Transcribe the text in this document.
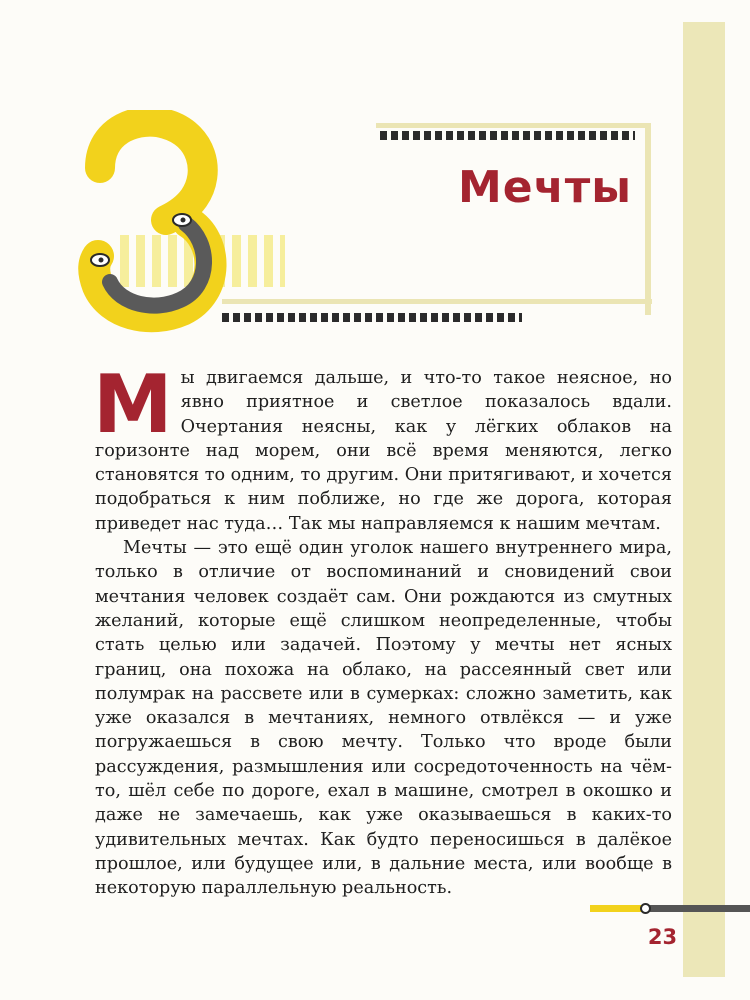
Мечты

Мы двигаемся дальше, и что-то такое неясное, но явно приятное и светлое показалось вдали. Очертания неясны, как у лёгких облаков на горизонте над морем, они всё время меняются, легко становятся то одним, то другим. Они притягивают, и хочется подобраться к ним поближе, но где же дорога, которая приведет нас туда… Так мы направляемся к нашим мечтам.

Мечты — это ещё один уголок нашего внутреннего мира, только в отличие от воспоминаний и сновидений свои мечтания человек создаёт сам. Они рождаются из смутных желаний, которые ещё слишком неопределенные, чтобы стать целью или задачей. Поэтому у мечты нет ясных границ, она похожа на облако, на рассеянный свет или полумрак на рассвете или в сумерках: сложно заметить, как уже оказался в мечтаниях, немного отвлёкся — и уже погружаешься в свою мечту. Только что вроде были рассуждения, размышления или сосредоточенность на чём-то, шёл себе по дороге, ехал в машине, смотрел в окошко и даже не замечаешь, как уже оказываешься в каких-то удивительных мечтах. Как будто переносишься в далёкое прошлое, или будущее или, в дальние места, или вообще в некоторую параллельную реальность.

23
